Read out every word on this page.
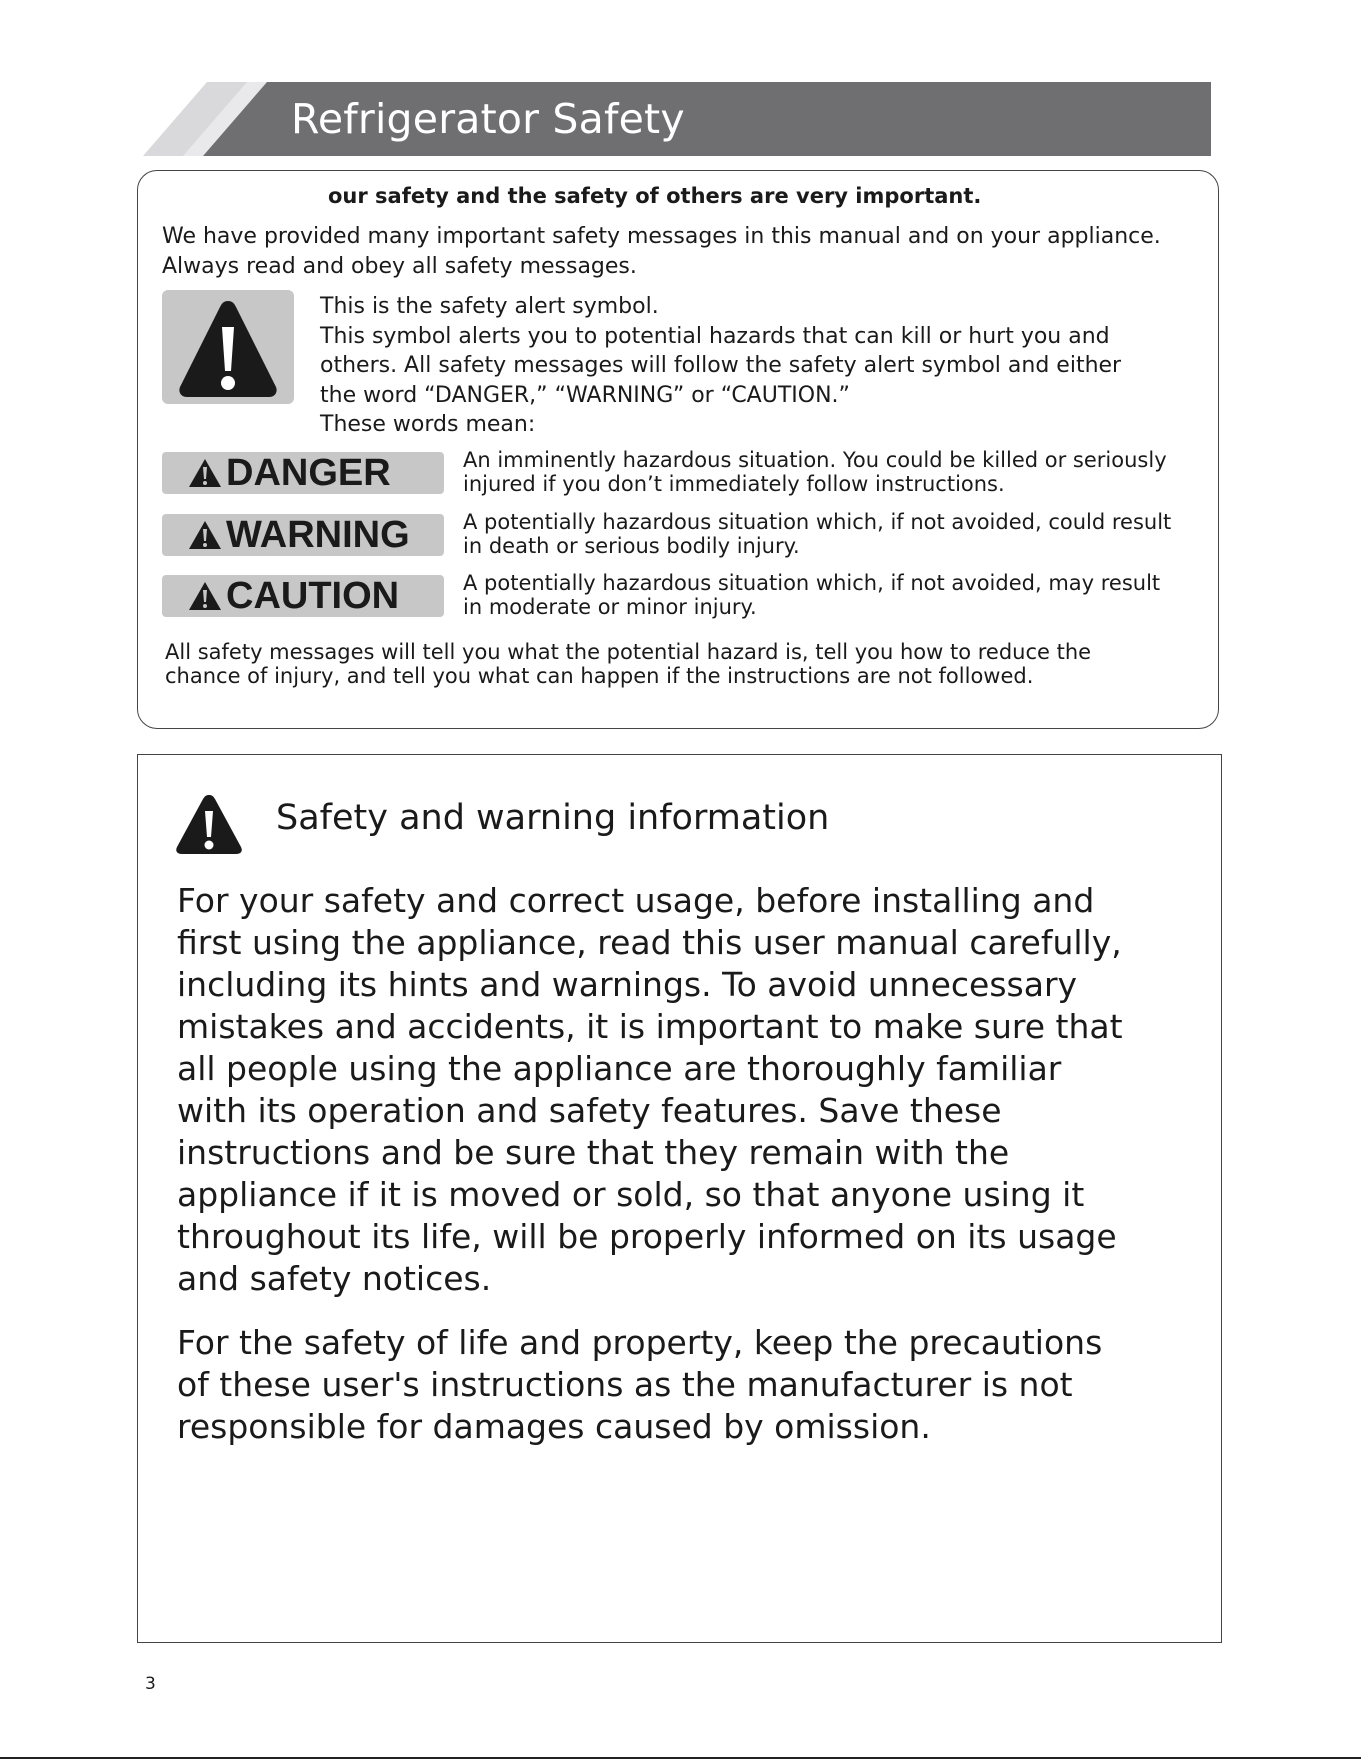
Refrigerator Safety
our safety and the safety of others are very important.
We have provided many important safety messages in this manual and on your appliance. Always read and obey all safety messages.

This is the safety alert symbol.

This symbol alerts you to potential hazards that can kill or hurt you and others. All safety messages will follow the safety alert symbol and either the word “DANGER,” “WARNING” or “CAUTION.”

These words mean:

DANGER	An imminently hazardous situation. You could be killed or seriously injured if you don’t immediately follow instructions.
WARNING	A potentially hazardous situation which, if not avoided, could result in death or serious bodily injury.
CAUTION	A potentially hazardous situation which, if not avoided, may result in moderate or minor injury.
All safety messages will tell you what the potential hazard is, tell you how to reduce the chance of injury, and tell you what can happen if the instructions are not followed.
Safety and warning information

For your safety and correct usage, before installing and first using the appliance, read this user manual carefully, including its hints and warnings. To avoid unnecessary mistakes and accidents, it is important to make sure that all people using the appliance are thoroughly familiar with its operation and safety features. Save these instructions and be sure that they remain with the appliance if it is moved or sold, so that anyone using it throughout its life, will be properly informed on its usage and safety notices.

For the safety of life and property, keep the precautions of these user's instructions as the manufacturer is not responsible for damages caused by omission.

3
